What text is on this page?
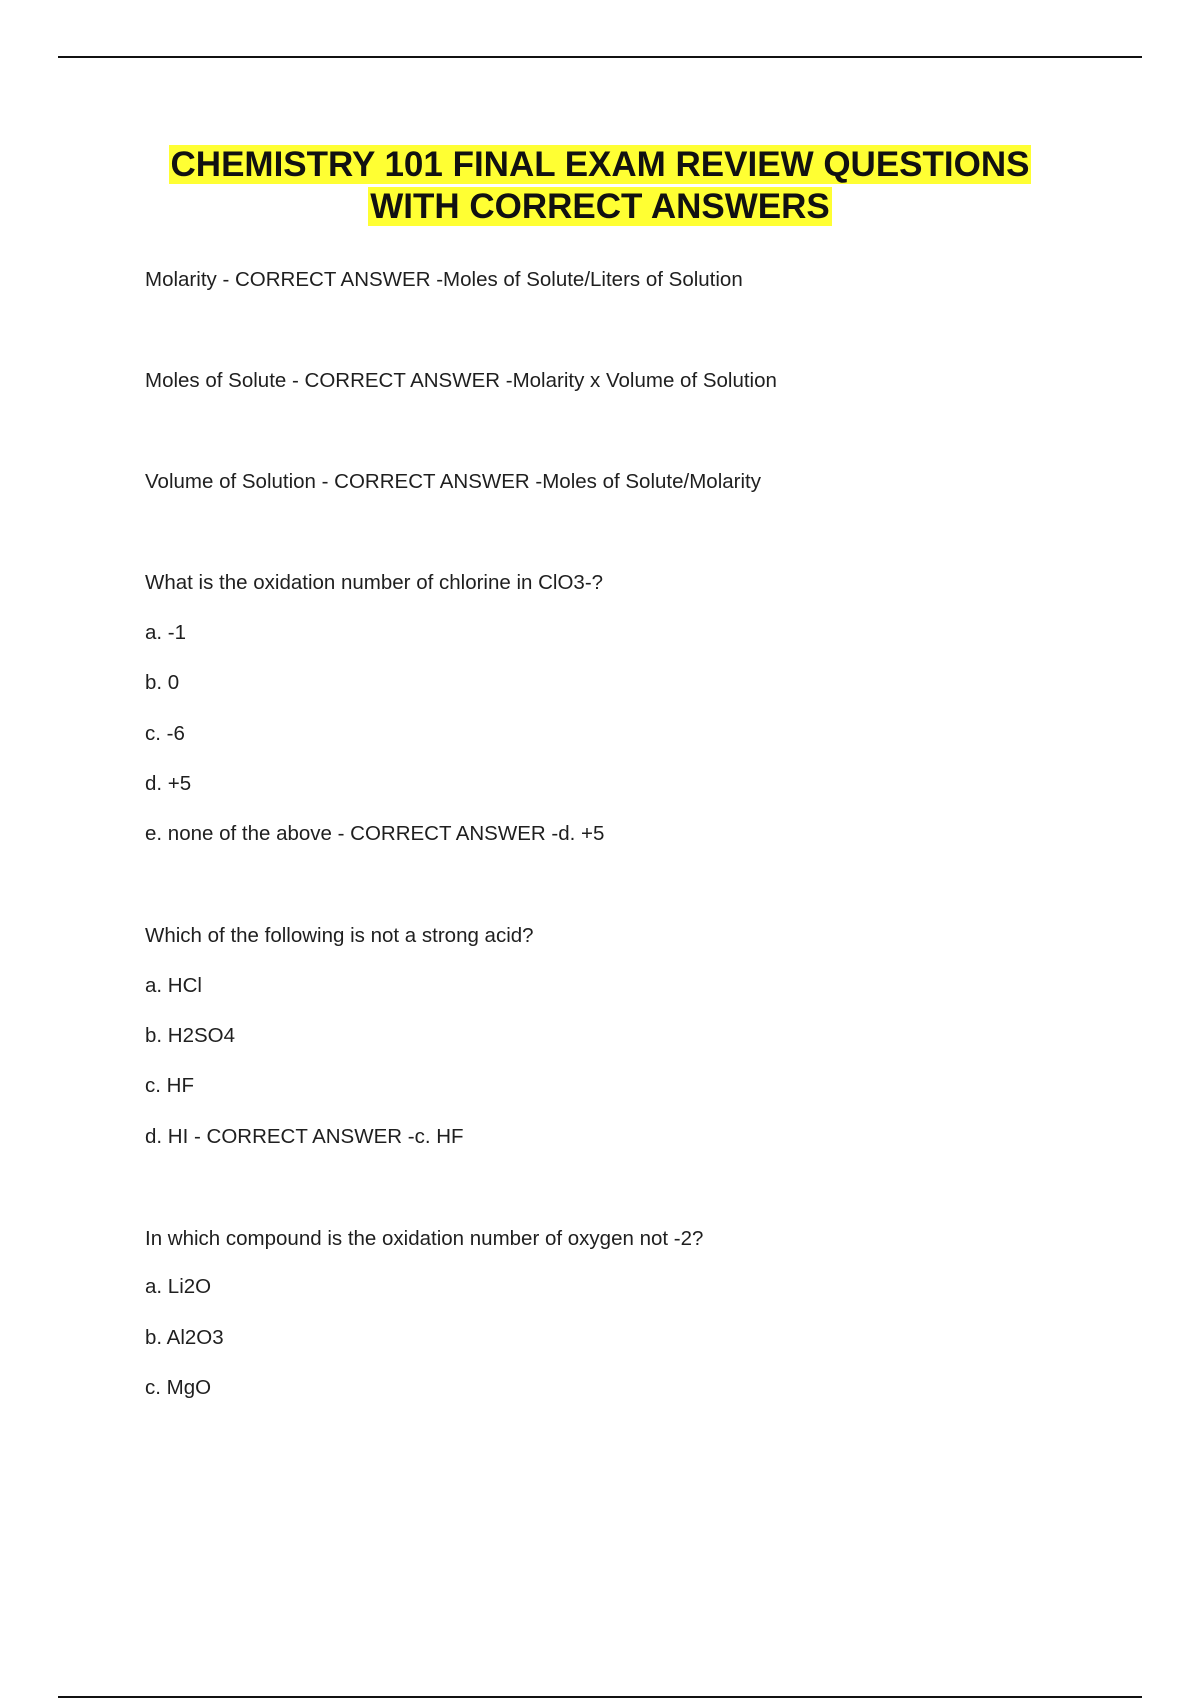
CHEMISTRY 101 FINAL EXAM REVIEW QUESTIONS
WITH CORRECT ANSWERS
Molarity - CORRECT ANSWER -Moles of Solute/Liters of Solution
Moles of Solute - CORRECT ANSWER -Molarity x Volume of Solution
Volume of Solution - CORRECT ANSWER -Moles of Solute/Molarity
What is the oxidation number of chlorine in ClO3-?
a. -1
b. 0
c. -6
d. +5
e. none of the above - CORRECT ANSWER -d. +5
Which of the following is not a strong acid?
a. HCl
b. H2SO4
c. HF
d. HI - CORRECT ANSWER -c. HF
In which compound is the oxidation number of oxygen not -2?
a. Li2O
b. Al2O3
c. MgO
